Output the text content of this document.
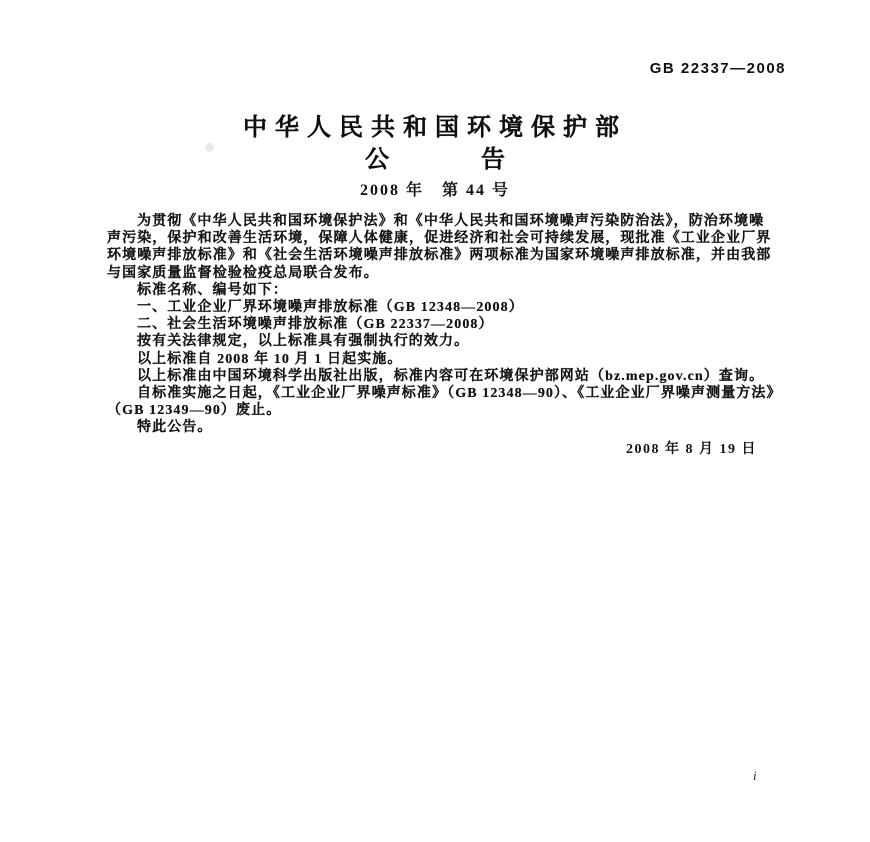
GB 22337—2008
中华人民共和国环境保护部
公	告
2008 年　第 44 号
为贯彻《中华人民共和国环境保护法》和《中华人民共和国环境噪声污染防治法》，防治环境噪
声污染，保护和改善生活环境，保障人体健康，促进经济和社会可持续发展，现批准《工业企业厂界
环境噪声排放标准》和《社会生活环境噪声排放标准》两项标准为国家环境噪声排放标准，并由我部
与国家质量监督检验检疫总局联合发布。
标准名称、编号如下：
一、工业企业厂界环境噪声排放标准（GB 12348—2008）
二、社会生活环境噪声排放标准（GB 22337—2008）
按有关法律规定，以上标准具有强制执行的效力。
以上标准自 2008 年 10 月 1 日起实施。
以上标准由中国环境科学出版社出版，标准内容可在环境保护部网站（bz.mep.gov.cn）查询。
自标准实施之日起，《工业企业厂界噪声标准》（GB 12348—90）、《工业企业厂界噪声测量方法》
（GB 12349—90）废止。
特此公告。
2008 年 8 月 19 日
i
